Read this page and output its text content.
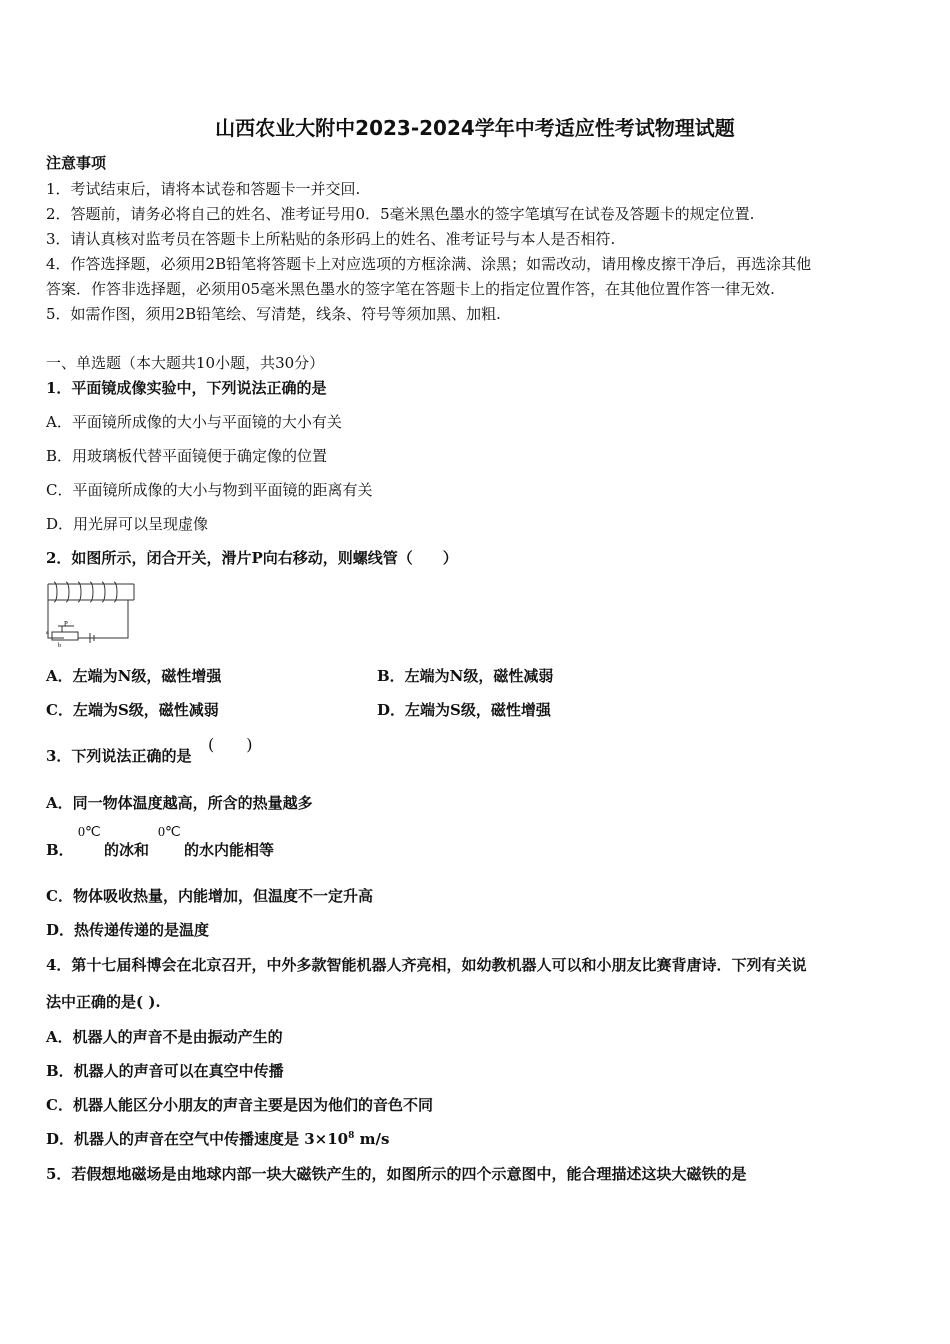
山西农业大附中2023-2024学年中考适应性考试物理试题
注意事项
1．考试结束后，请将本试卷和答题卡一并交回.
2．答题前，请务必将自己的姓名、准考证号用0．5毫米黑色墨水的签字笔填写在试卷及答题卡的规定位置.
3．请认真核对监考员在答题卡上所粘贴的条形码上的姓名、准考证号与本人是否相符.
4．作答选择题，必须用2B铅笔将答题卡上对应选项的方框涂满、涂黑；如需改动，请用橡皮擦干净后，再选涂其他
答案．作答非选择题，必须用05毫米黑色墨水的签字笔在答题卡上的指定位置作答，在其他位置作答一律无效.
5．如需作图，须用2B铅笔绘、写清楚，线条、符号等须加黑、加粗.
一、单选题（本大题共10小题，共30分）
1．平面镜成像实验中，下列说法正确的是
A．平面镜所成像的大小与平面镜的大小有关
B．用玻璃板代替平面镜便于确定像的位置
C．平面镜所成像的大小与物到平面镜的距离有关
D．用光屏可以呈现虚像
2．如图所示，闭合开关，滑片P向右移动，则螺线管（　　）
P
a
b
A．左端为N级，磁性增强	B．左端为N级，磁性减弱
C．左端为S级，磁性减弱	D．左端为S级，磁性增强
3．下列说法正确的是
(　　)
A．同一物体温度越高，所含的热量越多
B．
0℃
的冰和
0℃
的水内能相等
C．物体吸收热量，内能增加，但温度不一定升高
D．热传递传递的是温度
4．第十七届科博会在北京召开，中外多款智能机器人齐亮相，如幼教机器人可以和小朋友比赛背唐诗．下列有关说
法中正确的是( ).
A．机器人的声音不是由振动产生的
B．机器人的声音可以在真空中传播
C．机器人能区分小朋友的声音主要是因为他们的音色不同
D．机器人的声音在空气中传播速度是 $3\times 10^8$ m/s
5．若假想地磁场是由地球内部一块大磁铁产生的，如图所示的四个示意图中，能合理描述这块大磁铁的是
